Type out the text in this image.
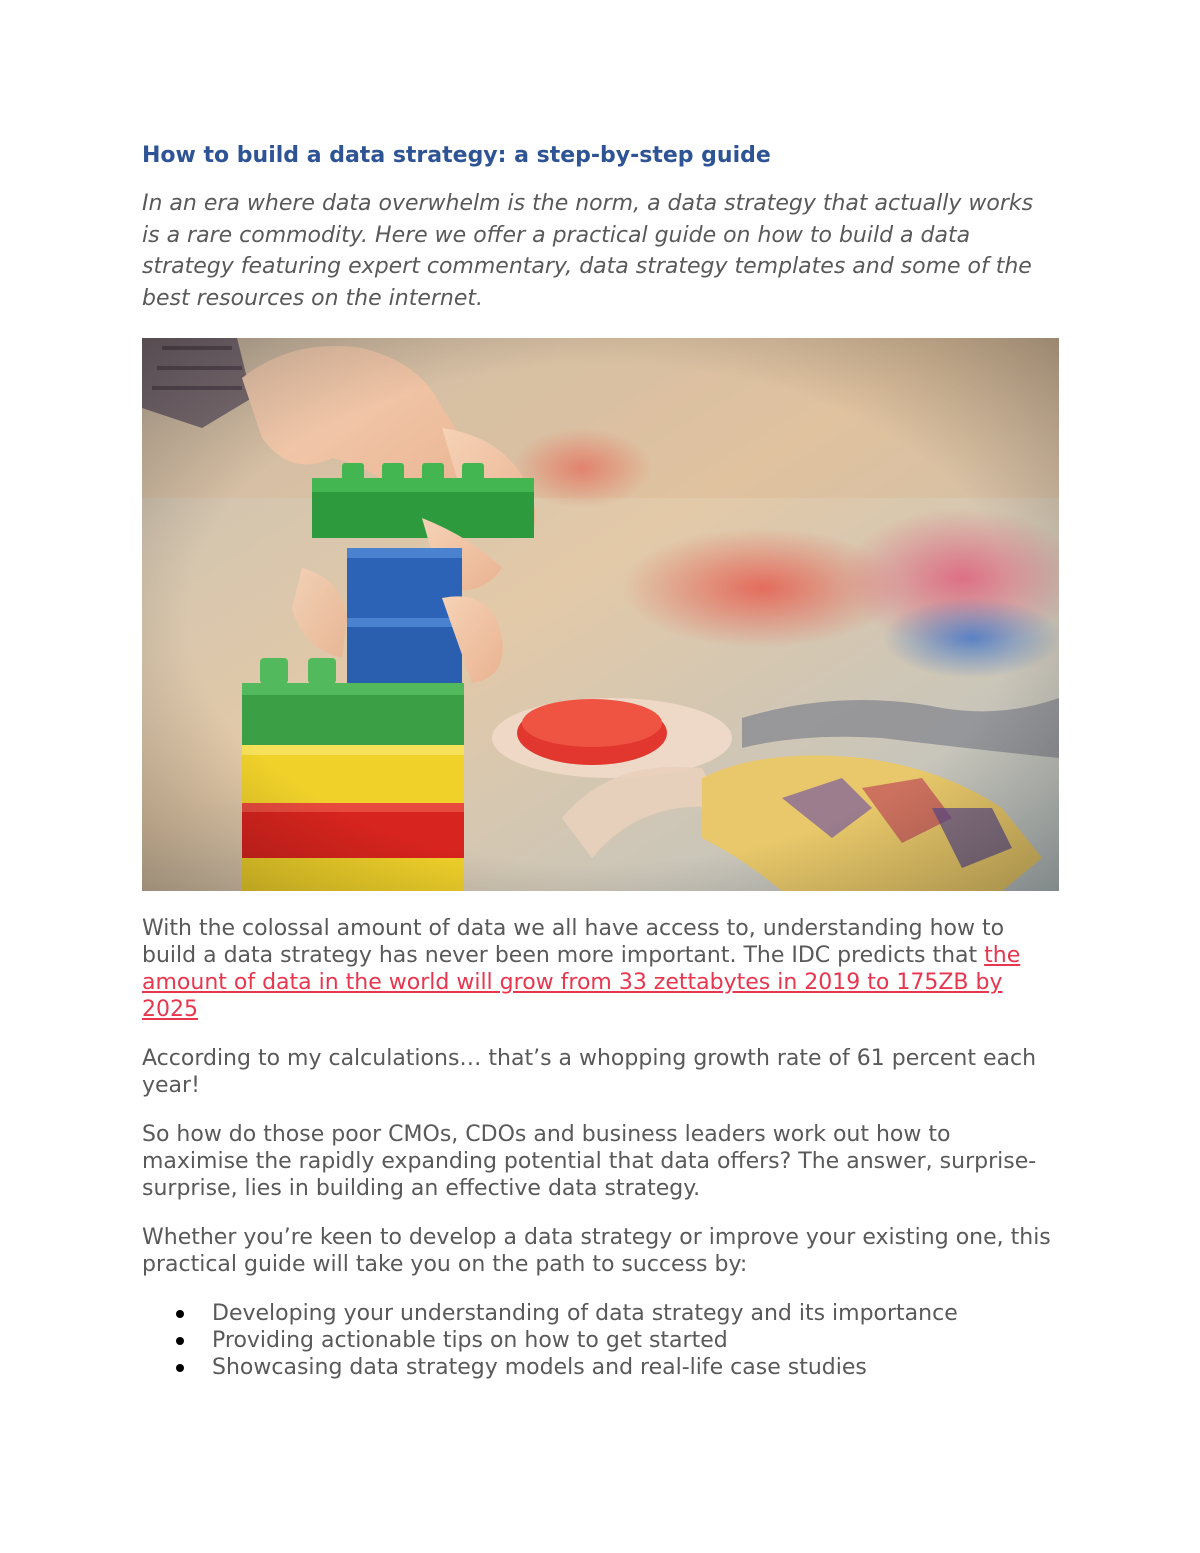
How to build a data strategy: a step-by-step guide

In an era where data overwhelm is the norm, a data strategy that actually works is a rare commodity. Here we offer a practical guide on how to build a data strategy featuring expert commentary, data strategy templates and some of the best resources on the internet.

With the colossal amount of data we all have access to, understanding how to build a data strategy has never been more important. The IDC predicts that the amount of data in the world will grow from 33 zettabytes in 2019 to 175ZB by 2025

According to my calculations… that’s a whopping growth rate of 61 percent each year!

So how do those poor CMOs, CDOs and business leaders work out how to maximise the rapidly expanding potential that data offers? The answer, surprise-surprise, lies in building an effective data strategy.

Whether you’re keen to develop a data strategy or improve your existing one, this practical guide will take you on the path to success by:

Developing your understanding of data strategy and its importance
Providing actionable tips on how to get started
Showcasing data strategy models and real-life case studies
